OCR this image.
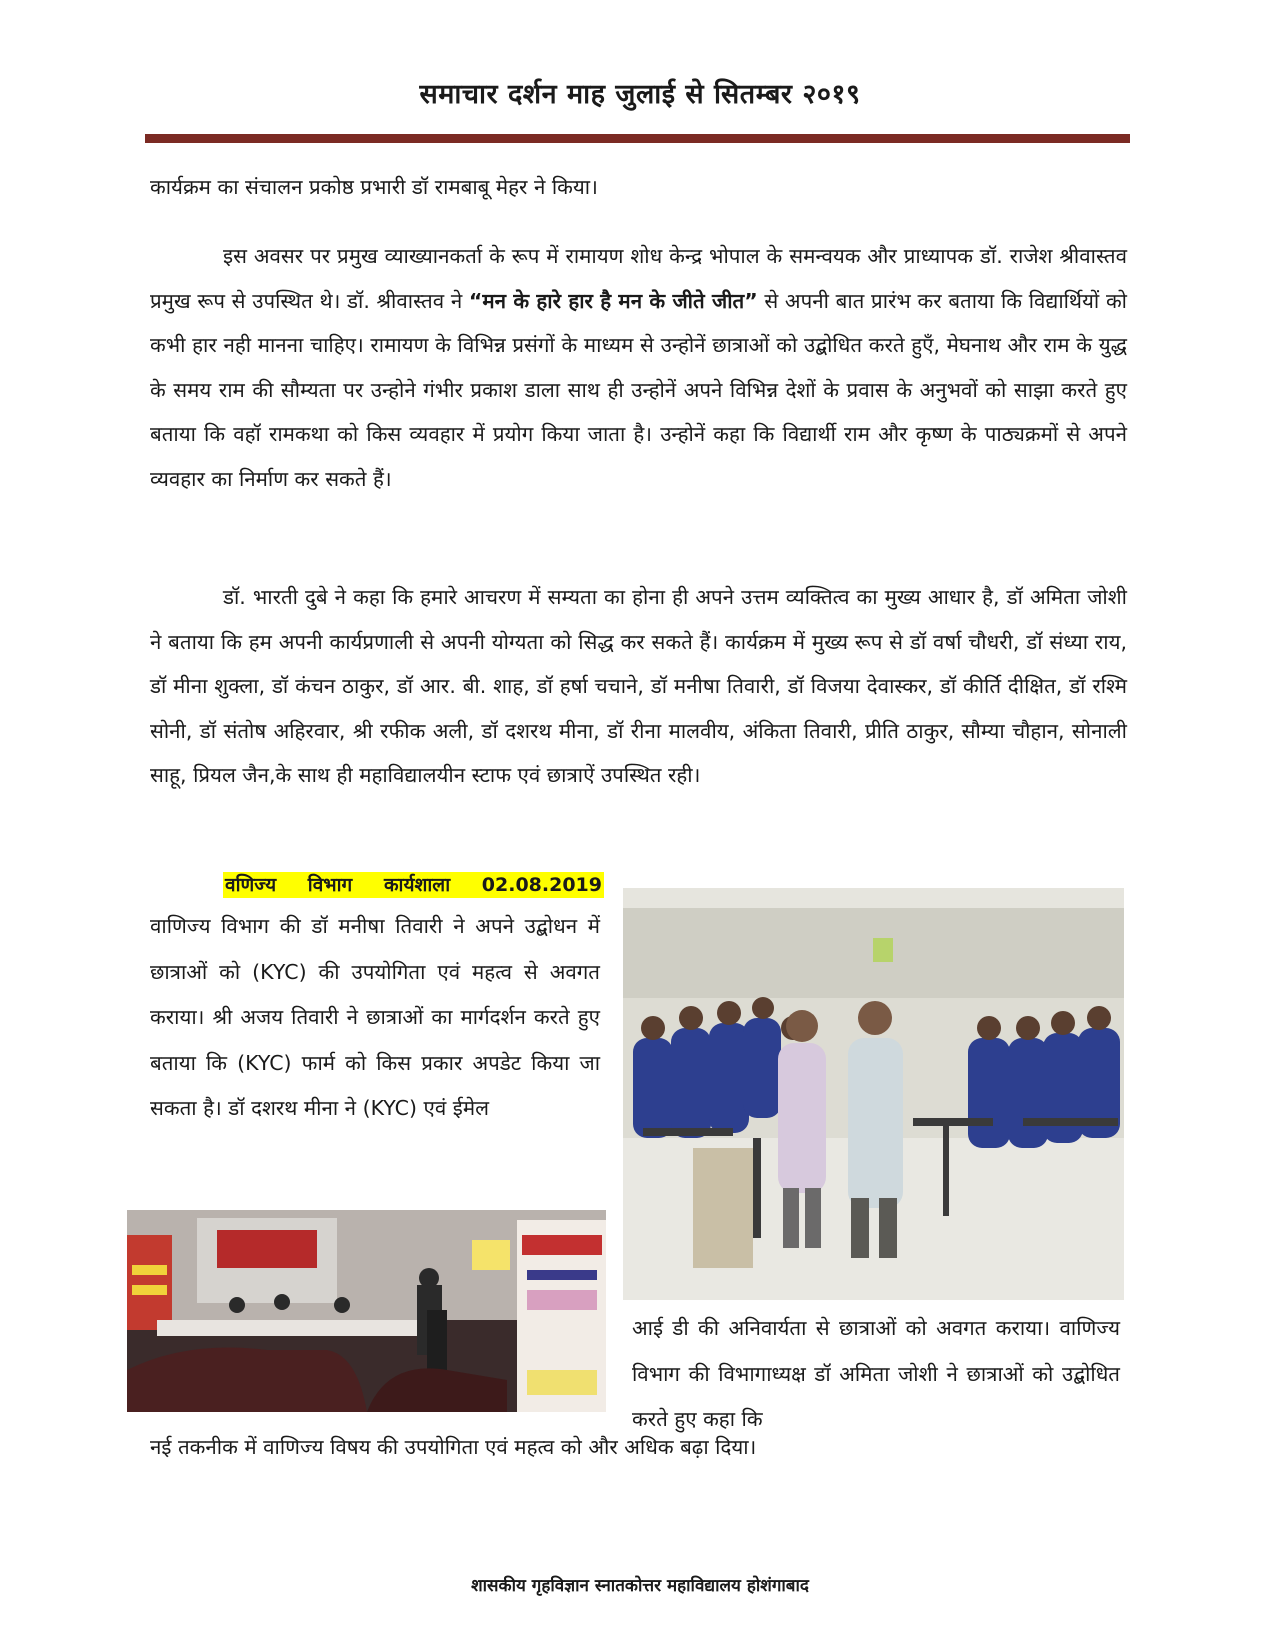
समाचार दर्शन माह जुलाई से सितम्बर २०१९

कार्यक्रम का संचालन प्रकोष्ठ प्रभारी डॉ रामबाबू मेहर ने किया।

इस अवसर पर प्रमुख व्याख्यानकर्ता के रूप में रामायण शोध केन्द्र भोपाल के समन्वयक और प्राध्यापक डॉ. राजेश श्रीवास्तव प्रमुख रूप से उपस्थित थे। डॉ. श्रीवास्तव ने “मन के हारे हार है मन के जीते जीत” से अपनी बात प्रारंभ कर बताया कि विद्यार्थियों को कभी हार नही मानना चाहिए। रामायण के विभिन्न प्रसंगों के माध्यम से उन्होनें छात्राओं को उद्बोधित करते हुएँ, मेघनाथ और राम के युद्ध के समय राम की सौम्यता पर उन्होने गंभीर प्रकाश डाला साथ ही उन्होनें अपने विभिन्न देशों के प्रवास के अनुभवों को साझा करते हुए बताया कि वहॉ रामकथा को किस व्यवहार में प्रयोग किया जाता है। उन्होनें कहा कि विद्यार्थी राम और कृष्ण के पाठ्यक्रमों से अपने व्यवहार का निर्माण कर सकते हैं।

डॉ. भारती दुबे ने कहा कि हमारे आचरण में सम्यता का होना ही अपने उत्तम व्यक्तित्व का मुख्य आधार है, डॉ अमिता जोशी ने बताया कि हम अपनी कार्यप्रणाली से अपनी योग्यता को सिद्ध कर सकते हैं। कार्यक्रम में मुख्य रूप से डॉ वर्षा चौधरी, डॉ संध्या राय, डॉ मीना शुक्ला, डॉ कंचन ठाकुर, डॉ आर. बी. शाह, डॉ हर्षा चचाने, डॉ मनीषा तिवारी, डॉ विजया देवास्कर, डॉ कीर्ति दीक्षित, डॉ रश्मि सोनी, डॉ संतोष अहिरवार, श्री रफीक अली, डॉ दशरथ मीना, डॉ रीना मालवीय, अंकिता तिवारी, प्रीति ठाकुर, सौम्या चौहान, सोनाली साहू, प्रियल जैन,के साथ ही महाविद्यालयीन स्टाफ एवं छात्राऐं उपस्थित रही।

वणिज्य विभाग कार्यशाला 02.08.2019

वाणिज्य विभाग की डॉ मनीषा तिवारी ने अपने उद्बोधन में छात्राओं को (KYC) की उपयोगिता एवं महत्व से अवगत कराया। श्री अजय तिवारी ने छात्राओं का मार्गदर्शन करते हुए बताया कि (KYC) फार्म को किस प्रकार अपडेट किया जा सकता है। डॉ दशरथ मीना ने (KYC) एवं ईमेल

आई डी की अनिवार्यता से छात्राओं को अवगत कराया। वाणिज्य विभाग की विभागाध्यक्ष डॉ अमिता जोशी ने छात्राओं को उद्बोधित करते हुए कहा कि

नई तकनीक में वाणिज्य विषय की उपयोगिता एवं महत्व को और अधिक बढ़ा दिया।

शासकीय गृहविज्ञान स्नातकोत्तर महाविद्यालय होशंगाबाद
